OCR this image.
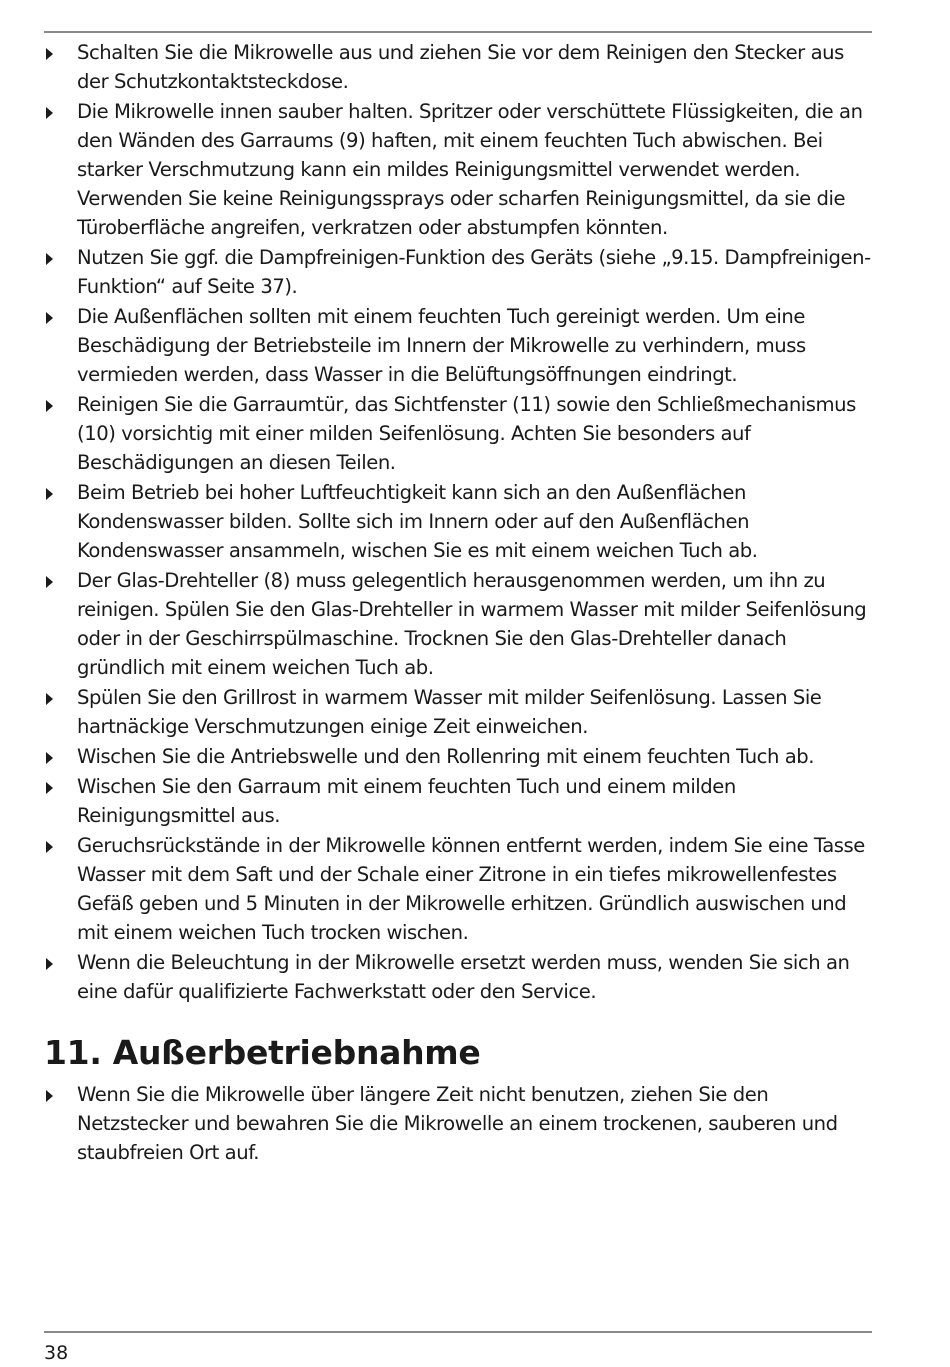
Schalten Sie die Mikrowelle aus und ziehen Sie vor dem Reinigen den Stecker aus der Schutzkontaktsteckdose.
Die Mikrowelle innen sauber halten. Spritzer oder verschüttete Flüssigkeiten, die an den Wänden des Garraums (9) haften, mit einem feuchten Tuch abwischen. Bei starker Verschmutzung kann ein mildes Reinigungsmittel verwendet werden. Verwenden Sie keine Reinigungssprays oder scharfen Reinigungsmittel, da sie die Türoberfläche angreifen, verkratzen oder abstumpfen könnten.
Nutzen Sie ggf. die Dampfreinigen-Funktion des Geräts (siehe „9.15. Dampfreinigen-Funktion“ auf Seite 37).
Die Außenflächen sollten mit einem feuchten Tuch gereinigt werden. Um eine Beschädigung der Betriebsteile im Innern der Mikrowelle zu verhindern, muss vermieden werden, dass Wasser in die Belüftungsöffnungen eindringt.
Reinigen Sie die Garraumtür, das Sichtfenster (11) sowie den Schließmechanismus (10) vorsichtig mit einer milden Seifenlösung. Achten Sie besonders auf Beschädigungen an diesen Teilen.
Beim Betrieb bei hoher Luftfeuchtigkeit kann sich an den Außenflächen Kondenswasser bilden. Sollte sich im Innern oder auf den Außenflächen Kondenswasser ansammeln, wischen Sie es mit einem weichen Tuch ab.
Der Glas-Drehteller (8) muss gelegentlich herausgenommen werden, um ihn zu reinigen. Spülen Sie den Glas-Drehteller in warmem Wasser mit milder Seifenlösung oder in der Geschirrspülmaschine. Trocknen Sie den Glas-Drehteller danach gründlich mit einem weichen Tuch ab.
Spülen Sie den Grillrost in warmem Wasser mit milder Seifenlösung. Lassen Sie hartnäckige Verschmutzungen einige Zeit einweichen.
Wischen Sie die Antriebswelle und den Rollenring mit einem feuchten Tuch ab.
Wischen Sie den Garraum mit einem feuchten Tuch und einem milden Reinigungsmittel aus.
Geruchsrückstände in der Mikrowelle können entfernt werden, indem Sie eine Tasse Wasser mit dem Saft und der Schale einer Zitrone in ein tiefes mikrowellenfestes Gefäß geben und 5 Minuten in der Mikrowelle erhitzen. Gründlich auswischen und mit einem weichen Tuch trocken wischen.
Wenn die Beleuchtung in der Mikrowelle ersetzt werden muss, wenden Sie sich an eine dafür qualifizierte Fachwerkstatt oder den Service.
11. Außerbetriebnahme
Wenn Sie die Mikrowelle über längere Zeit nicht benutzen, ziehen Sie den Netzstecker und bewahren Sie die Mikrowelle an einem trockenen, sauberen und staubfreien Ort auf.
38
